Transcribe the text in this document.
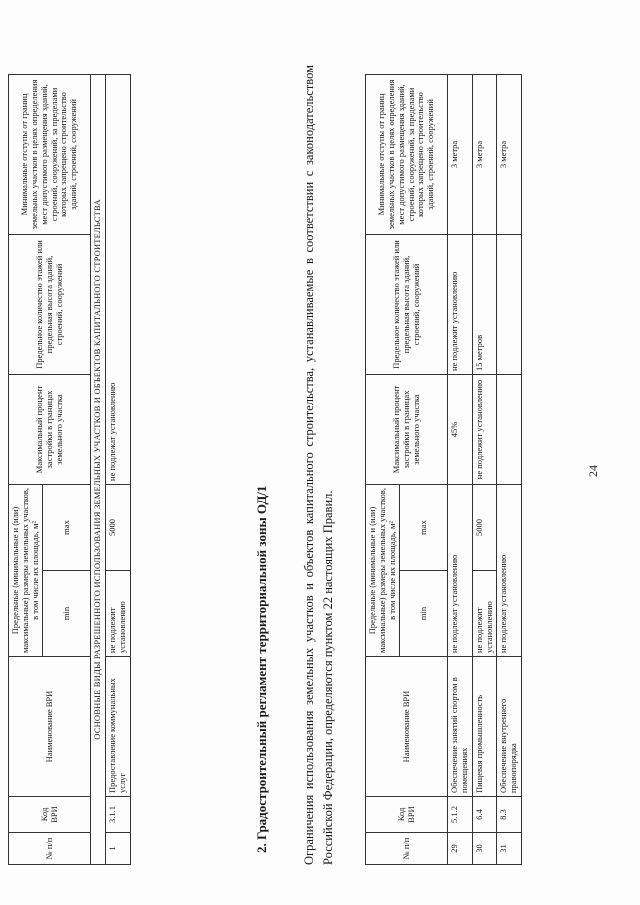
24
№ п/п	Код ВРИ	Наименование ВРИ	Предельные (минимальные и (или) максимальные) размеры земельных участков, в том числе их площадь, м²		Максимальный процент застройки в границах земельного участка	Предельное количество этажей или предельная высота зданий, строений, сооружений	Минимальные отступы от границ земельных участков в целях определения мест допустимого размещения зданий, строений, сооружений, за пределами которых запрещено строительство зданий, строений, сооружений
			min	max			
29	5.1.2	Обеспечение занятий спортом в помещениях	не подлежат установлению		45%	не подлежит установлению	3 метра
30	6.4	Пищевая промышленность	не подлежит установлению	5000	не подлежит установлению	15 метров	3 метра
31	8.3	Обеспечение внутреннего правопорядка	не подлежат установлению				3 метра
Ограничения использования земельных участков и объектов капитального строительства, устанавливаемые в соответствии с законодательством Российской Федерации, определяются пунктом 22 настоящих Правил.
2. Градостроительный регламент территориальной зоны ОД/1
№ п/п	Код ВРИ	Наименование ВРИ	Предельные (минимальные и (или) максимальные) размеры земельных участков, в том числе их площадь, м²		Максимальный процент застройки в границах земельного участка	Предельное количество этажей или предельная высота зданий, строений, сооружений	Минимальные отступы от границ земельных участков в целях определения мест допустимого размещения зданий, строений, сооружений, за пределами которых запрещено строительство зданий, строений, сооружений
			min	max			
ОСНОВНЫЕ ВИДЫ РАЗРЕШЕННОГО ИСПОЛЬЗОВАНИЯ ЗЕМЕЛЬНЫХ УЧАСТКОВ И ОБЪЕКТОВ КАПИТАЛЬНОГО СТРОИТЕЛЬСТВА							
1	3.1.1	Предоставление коммунальных услуг	не подлежит установлению	5000	не подлежат установлению		
